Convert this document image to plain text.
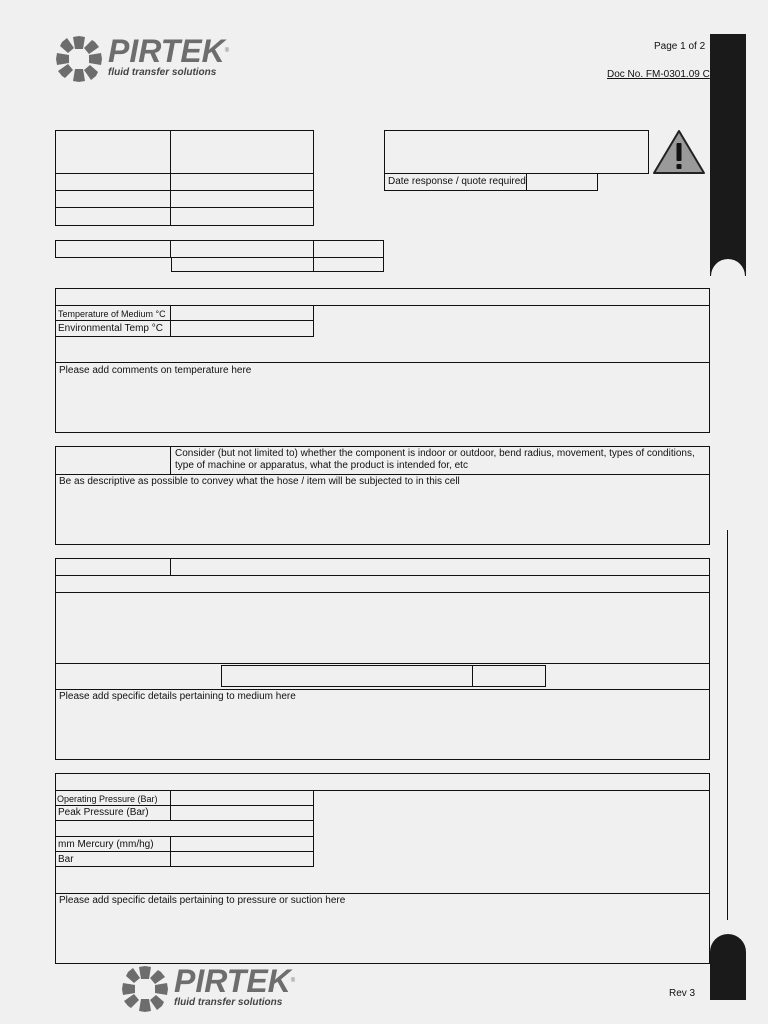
PIRTEK®
fluid transfer solutions
Page 1 of 2
Doc No. FM-0301.09 C
Date response / quote required
Temperature of Medium °C
Environmental Temp °C
Please add comments on temperature here
Consider (but not limited to) whether the component is indoor or outdoor, bend radius, movement, types of conditions, type of machine or apparatus, what the product is intended for, etc
Be as descriptive as possible to convey what the hose / item will be subjected to in this cell
Please add specific details pertaining to medium here
Operating Pressure (Bar)
Peak Pressure (Bar)
mm Mercury (mm/hg)
Bar
Please add specific details pertaining to pressure or suction here
PIRTEK®
fluid transfer solutions
Rev 3
